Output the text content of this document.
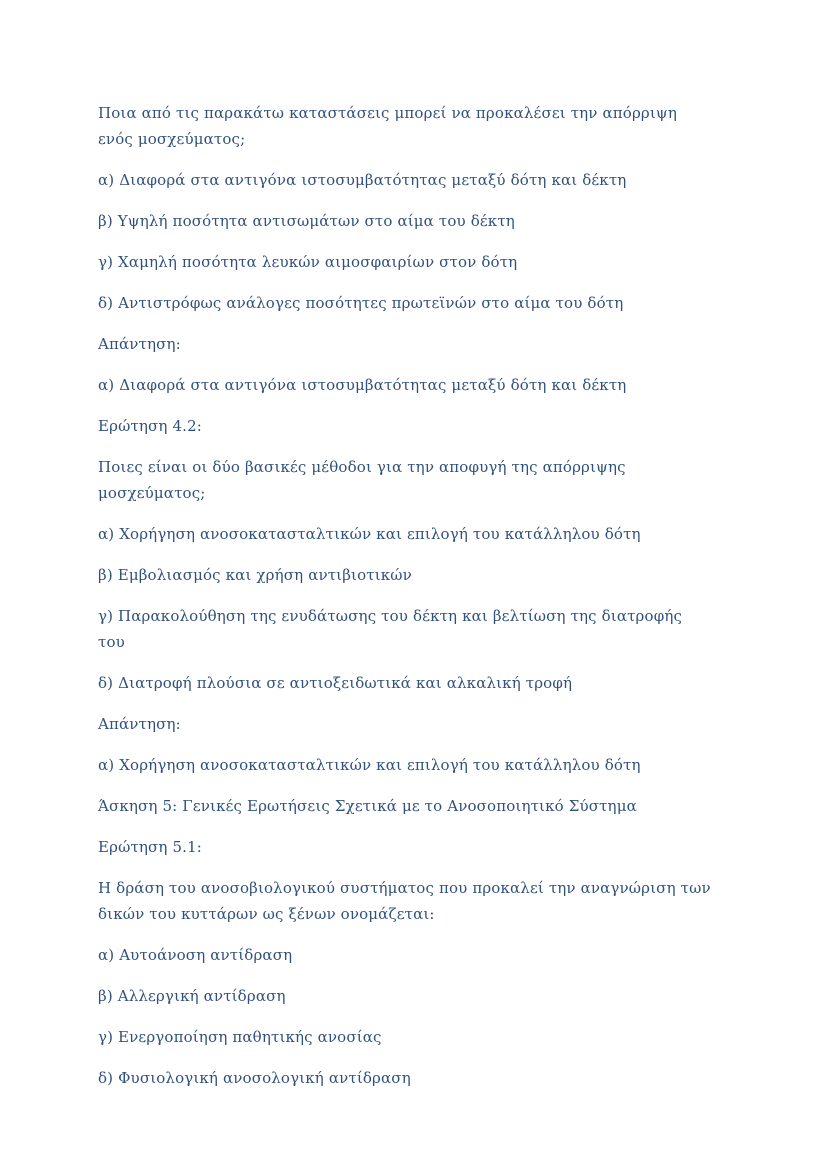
Ποια από τις παρακάτω καταστάσεις μπορεί να προκαλέσει την απόρριψη ενός μοσχεύματος;

α) Διαφορά στα αντιγόνα ιστοσυμβατότητας μεταξύ δότη και δέκτη

β) Υψηλή ποσότητα αντισωμάτων στο αίμα του δέκτη

γ) Χαμηλή ποσότητα λευκών αιμοσφαιρίων στον δότη

δ) Αντιστρόφως ανάλογες ποσότητες πρωτεϊνών στο αίμα του δότη

Απάντηση:

α) Διαφορά στα αντιγόνα ιστοσυμβατότητας μεταξύ δότη και δέκτη

Ερώτηση 4.2:

Ποιες είναι οι δύο βασικές μέθοδοι για την αποφυγή της απόρριψης μοσχεύματος;

α) Χορήγηση ανοσοκατασταλτικών και επιλογή του κατάλληλου δότη

β) Εμβολιασμός και χρήση αντιβιοτικών

γ) Παρακολούθηση της ενυδάτωσης του δέκτη και βελτίωση της διατροφής του

δ) Διατροφή πλούσια σε αντιοξειδωτικά και αλκαλική τροφή

Απάντηση:

α) Χορήγηση ανοσοκατασταλτικών και επιλογή του κατάλληλου δότη

Άσκηση 5: Γενικές Ερωτήσεις Σχετικά με το Ανοσοποιητικό Σύστημα

Ερώτηση 5.1:

Η δράση του ανοσοβιολογικού συστήματος που προκαλεί την αναγνώριση των δικών του κυττάρων ως ξένων ονομάζεται:

α) Αυτοάνοση αντίδραση

β) Αλλεργική αντίδραση

γ) Ενεργοποίηση παθητικής ανοσίας

δ) Φυσιολογική ανοσολογική αντίδραση
